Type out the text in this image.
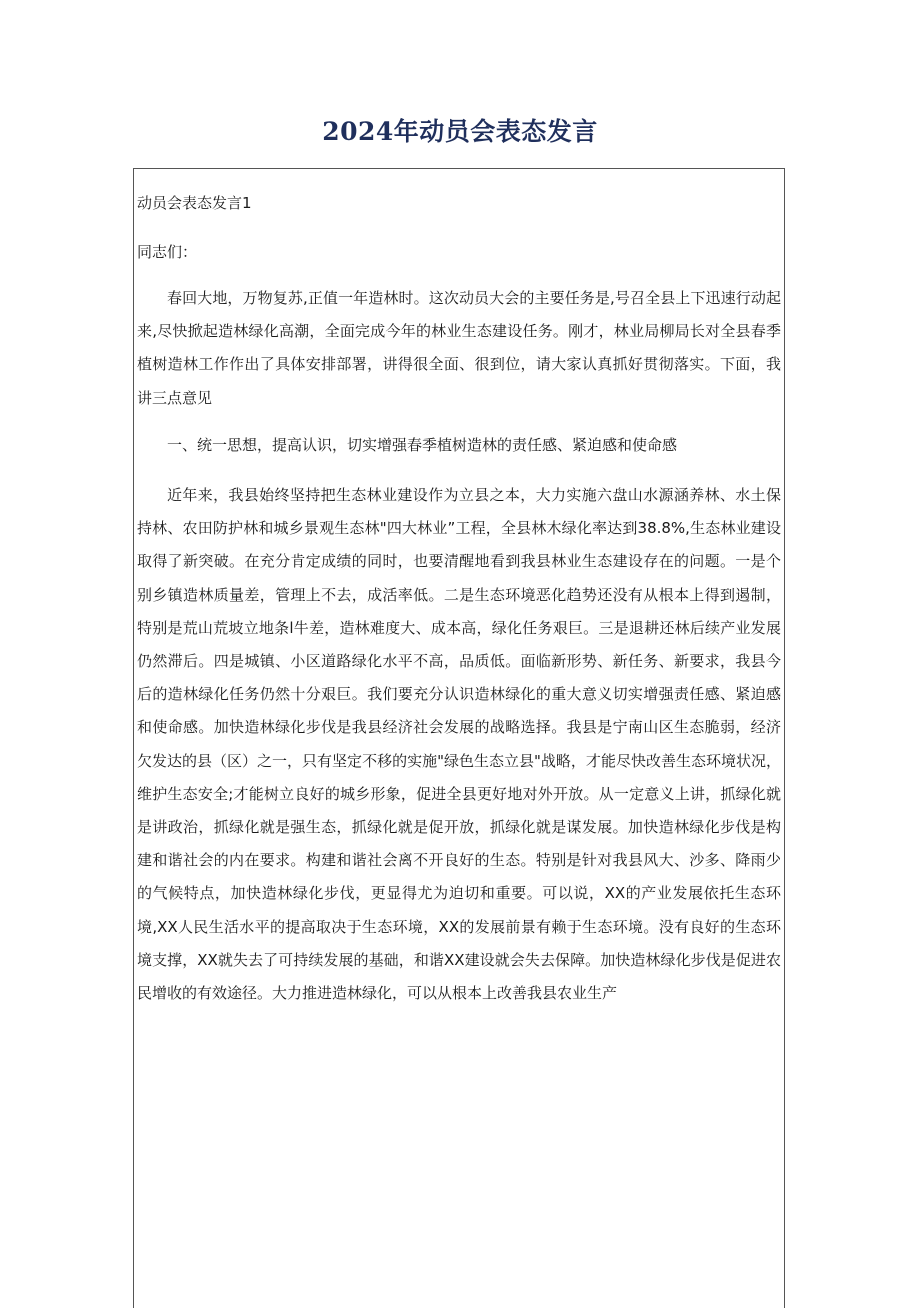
2024年动员会表态发言
动员会表态发言1
同志们：

春回大地，万物复苏,正值一年造林时。这次动员大会的主要任务是,号召全县上下迅速行动起来,尽快掀起造林绿化高潮，全面完成今年的林业生态建设任务。刚才，林业局柳局长对全县春季植树造林工作作出了具体安排部署，讲得很全面、很到位，请大家认真抓好贯彻落实。下面，我讲三点意见

一、统一思想，提高认识，切实增强春季植树造林的责任感、紧迫感和使命感

近年来，我县始终坚持把生态林业建设作为立县之本，大力实施六盘山水源涵养林、水土保持林、农田防护林和城乡景观生态林"四大林业”工程，全县林木绿化率达到38.8%,生态林业建设取得了新突破。在充分肯定成绩的同时，也要清醒地看到我县林业生态建设存在的问题。一是个别乡镇造林质量差，管理上不去，成活率低。二是生态环境恶化趋势还没有从根本上得到遏制，特别是荒山荒坡立地条l牛差，造林难度大、成本高，绿化任务艰巨。三是退耕还林后续产业发展仍然滞后。四是城镇、小区道路绿化水平不高，品质低。面临新形势、新任务、新要求，我县今后的造林绿化任务仍然十分艰巨。我们要充分认识造林绿化的重大意义切实增强责任感、紧迫感和使命感。加快造林绿化步伐是我县经济社会发展的战略选择。我县是宁南山区生态脆弱，经济欠发达的县（区）之一，只有坚定不移的实施"绿色生态立县"战略，才能尽快改善生态环境状况，维护生态安全;才能树立良好的城乡形象，促进全县更好地对外开放。从一定意义上讲，抓绿化就是讲政治，抓绿化就是强生态，抓绿化就是促开放，抓绿化就是谋发展。加快造林绿化步伐是构建和谐社会的内在要求。构建和谐社会离不开良好的生态。特别是针对我县风大、沙多、降雨少的气候特点，加快造林绿化步伐，更显得尤为迫切和重要。可以说，XX的产业发展依托生态环境,XX人民生活水平的提高取决于生态环境，XX的发展前景有赖于生态环境。没有良好的生态环境支撑，XX就失去了可持续发展的基础，和谐XX建设就会失去保障。加快造林绿化步伐是促进农民增收的有效途径。大力推进造林绿化，可以从根本上改善我县农业生产
